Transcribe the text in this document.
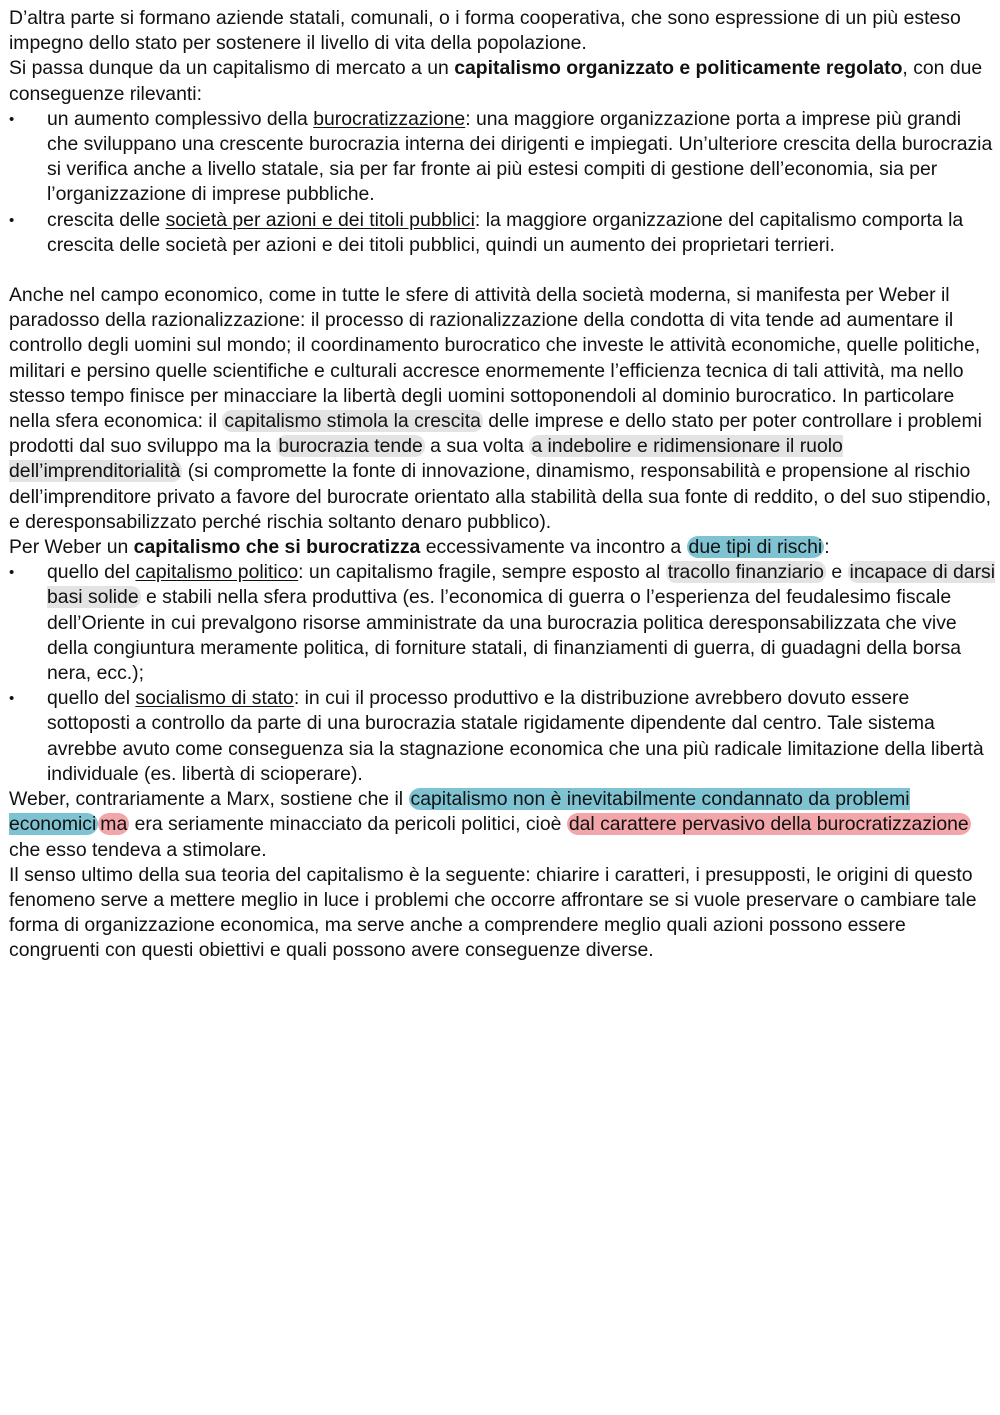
D’altra parte si formano aziende statali, comunali, o i forma cooperativa, che sono espressione di un più esteso impegno dello stato per sostenere il livello di vita della popolazione.

Si passa dunque da un capitalismo di mercato a un capitalismo organizzato e politicamente regolato, con due conseguenze rilevanti:

• un aumento complessivo della burocratizzazione: una maggiore organizzazione porta a imprese più grandi che sviluppano una crescente burocrazia interna dei dirigenti e impiegati. Un’ulteriore crescita della burocrazia si verifica anche a livello statale, sia per far fronte ai più estesi compiti di gestione dell’economia, sia per l’organizzazione di imprese pubbliche.
• crescita delle società per azioni e dei titoli pubblici: la maggiore organizzazione del capitalismo comporta la crescita delle società per azioni e dei titoli pubblici, quindi un aumento dei proprietari terrieri.

Anche nel campo economico, come in tutte le sfere di attività della società moderna, si manifesta per Weber il paradosso della razionalizzazione: il processo di razionalizzazione della condotta di vita tende ad aumentare il controllo degli uomini sul mondo; il coordinamento burocratico che investe le attività economiche, quelle politiche, militari e persino quelle scientifiche e culturali accresce enormemente l’efficienza tecnica di tali attività, ma nello stesso tempo finisce per minacciare la libertà degli uomini sottoponendoli al dominio burocratico. In particolare nella sfera economica: il capitalismo stimola la crescita delle imprese e dello stato per poter controllare i problemi prodotti dal suo sviluppo ma la burocrazia tende a sua volta a indebolire e ridimensionare il ruolo dell’imprenditorialità (si compromette la fonte di innovazione, dinamismo, responsabilità e propensione al rischio dell’imprenditore privato a favore del burocrate orientato alla stabilità della sua fonte di reddito, o del suo stipendio, e deresponsabilizzato perché rischia soltanto denaro pubblico).

Per Weber un capitalismo che si burocratizza eccessivamente va incontro a due tipi di rischi :

• quello del capitalismo politico: un capitalismo fragile, sempre esposto al tracollo finanziario e incapace di darsi basi solide e stabili nella sfera produttiva (es. l’economica di guerra o l’esperienza del feudalesimo fiscale dell’Oriente in cui prevalgono risorse amministrate da una burocrazia politica deresponsabilizzata che vive della congiuntura meramente politica, di forniture statali, di finanziamenti di guerra, di guadagni della borsa nera, ecc.);
• quello del socialismo di stato: in cui il processo produttivo e la distribuzione avrebbero dovuto essere sottoposti a controllo da parte di una burocrazia statale rigidamente dipendente dal centro. Tale sistema avrebbe avuto come conseguenza sia la stagnazione economica che una più radicale limitazione della libertà individuale (es. libertà di scioperare).

Weber, contrariamente a Marx, sostiene che il capitalismo non è inevitabilmente condannato da problemi economici ma era seriamente minacciato da pericoli politici, cioè dal carattere pervasivo della burocratizzazione che esso tendeva a stimolare.

Il senso ultimo della sua teoria del capitalismo è la seguente: chiarire i caratteri, i presupposti, le origini di questo fenomeno serve a mettere meglio in luce i problemi che occorre affrontare se si vuole preservare o cambiare tale forma di organizzazione economica, ma serve anche a comprendere meglio quali azioni possono essere congruenti con questi obiettivi e quali possono avere conseguenze diverse.
